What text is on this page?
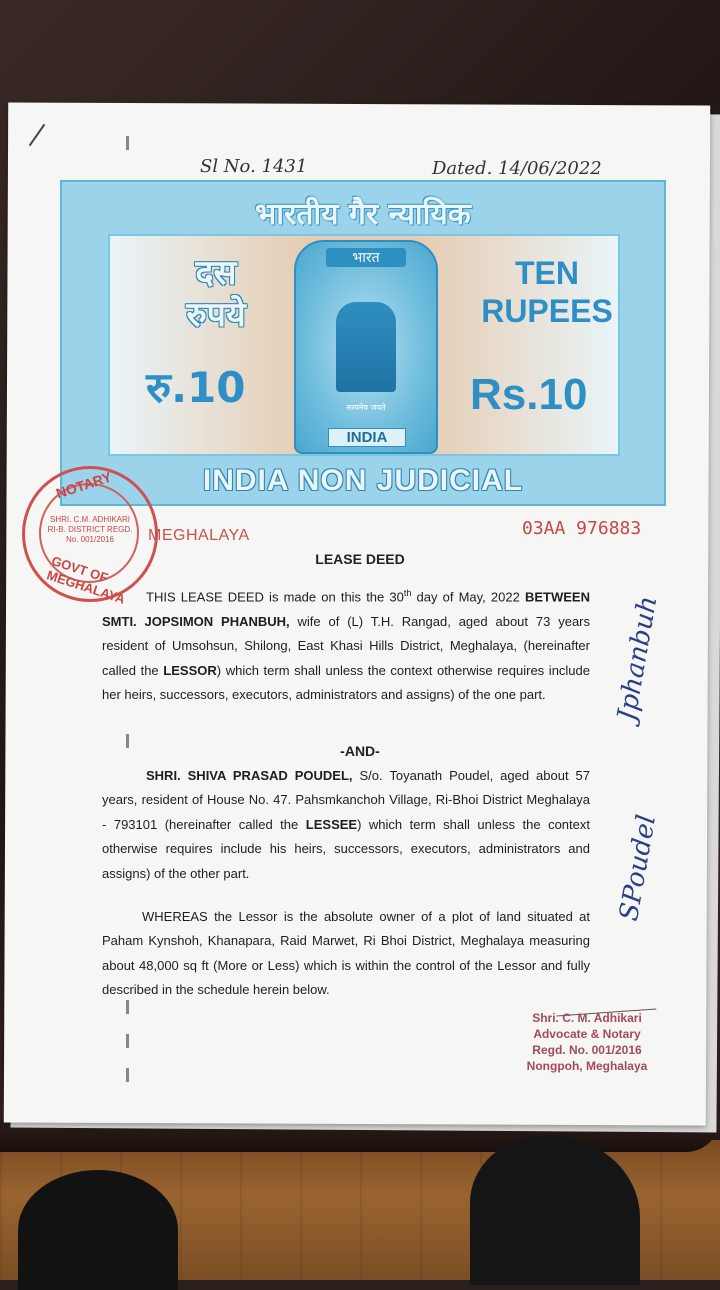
Sl No. 1431	Dated. 14/06/2022
भारतीय गैर न्यायिक
दस
रुपये
रु.10
भारत
सत्यमेव जयते
INDIA
TEN
RUPEES
Rs.10
INDIA NON JUDICIAL
NOTARY
SHRI. C.M. ADHIKARI RI-B. DISTRICT REGD. No. 001/2016
GOVT OF MEGHALAYA
MEGHALAYA	03AA 976883
LEASE DEED
THIS LEASE DEED is made on this the 30th day of May, 2022 BETWEEN SMTI. JOPSIMON PHANBUH, wife of (L) T.H. Rangad, aged about 73 years resident of Umsohsun, Shilong, East Khasi Hills District, Meghalaya, (hereinafter called the LESSOR) which term shall unless the context otherwise requires include her heirs, successors, executors, administrators and assigns) of the one part.
-AND-
SHRI. SHIVA PRASAD POUDEL, S/o. Toyanath Poudel, aged about 57 years, resident of House No. 47. Pahsmkanchoh Village, Ri-Bhoi District Meghalaya - 793101 (hereinafter called the LESSEE) which term shall unless the context otherwise requires include his heirs, successors, executors, administrators and assigns) of the other part.
WHEREAS the Lessor is the absolute owner of a plot of land situated at Paham Kynshoh, Khanapara, Raid Marwet, Ri Bhoi District, Meghalaya measuring about 48,000 sq ft (More or Less) which is within the control of the Lessor and fully described in the schedule herein below.
Jphanbuh
SPoudel
Shri. C. M. Adhikari
Advocate & Notary
Regd. No. 001/2016
Nongpoh, Meghalaya
